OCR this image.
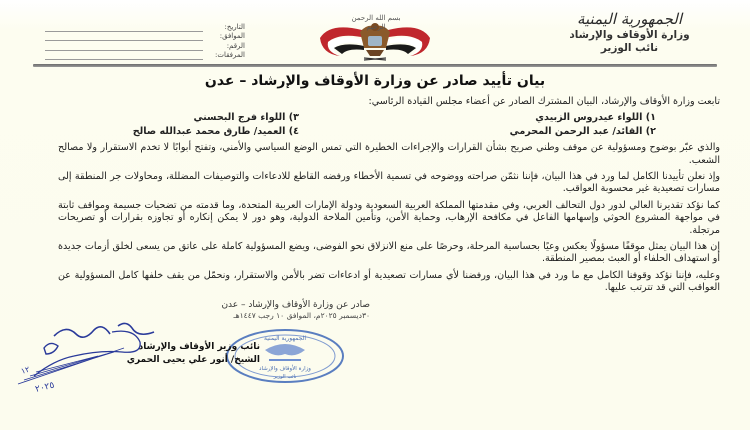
الجمهورية اليمنية
وزارة الأوقاف والإرشاد
نائب الوزير
بسم الله الرحمن الرحيم
التاريخ:
الموافق:
الرقم:
المرفقات:
بيان تأييد صادر عن وزارة الأوقاف والإرشاد – عدن

تابعت وزارة الأوقاف والإرشاد، البيان المشترك الصادر عن أعضاء مجلس القيادة الرئاسي:

١) اللواء عيدروس الزبيدي
٣) اللواء فرج البحسني
٢) القائد/ عبد الرحمن المحرمي
٤) العميد/ طارق محمد عبدالله صالح

والذي عبّر بوضوح ومسؤولية عن موقف وطني صريح بشأن القرارات والإجراءات الخطيرة التي تمس الوضع السياسي والأمني، وتفتح أبوابًا لا تخدم الاستقرار ولا مصالح الشعب.

وإذ نعلن تأييدنا الكامل لما ورد في هذا البيان، فإننا نثمّن صراحته ووضوحه في تسمية الأخطاء ورفضه القاطع للادعاءات والتوصيفات المضللة، ومحاولات جر المنطقة إلى مسارات تصعيدية غير محسوبة العواقب.

كما نؤكد تقديرنا العالي لدور دول التحالف العربي، وفي مقدمتها المملكة العربية السعودية ودولة الإمارات العربية المتحدة، وما قدمته من تضحيات جسيمة ومواقف ثابتة في مواجهة المشروع الحوثي وإسهامها الفاعل في مكافحة الإرهاب، وحماية الأمن، وتأمين الملاحة الدولية، وهو دور لا يمكن إنكاره أو تجاوزه بقرارات أو تصريحات مرتجلة.

إن هذا البيان يمثل موقفًا مسؤولًا يعكس وعيًا بحساسية المرحلة، وحرصًا على منع الانزلاق نحو الفوضى، ويضع المسؤولية كاملة على عاتق من يسعى لخلق أزمات جديدة أو استهداف الحلفاء أو العبث بمصير المنطقة.

وعليه، فإننا نؤكد وقوفنا الكامل مع ما ورد في هذا البيان، ورفضنا لأي مسارات تصعيدية أو ادعاءات تضر بالأمن والاستقرار، ونحمّل من يقف خلفها كامل المسؤولية عن العواقب التي قد تترتب عليها.

صادر عن وزارة الأوقاف والإرشاد – عدن
٣٠ديسمبر ٢٠٢٥م، الموافق ١٠ رجب ١٤٤٧هـ
الجمهورية اليمنية
وزارة الأوقاف والإرشاد
نائب الوزير
نائب وزير الأوقاف والإرشاد
الشيخ/ أنور علي يحيى الحمري
١٢
٢٠٢٥
